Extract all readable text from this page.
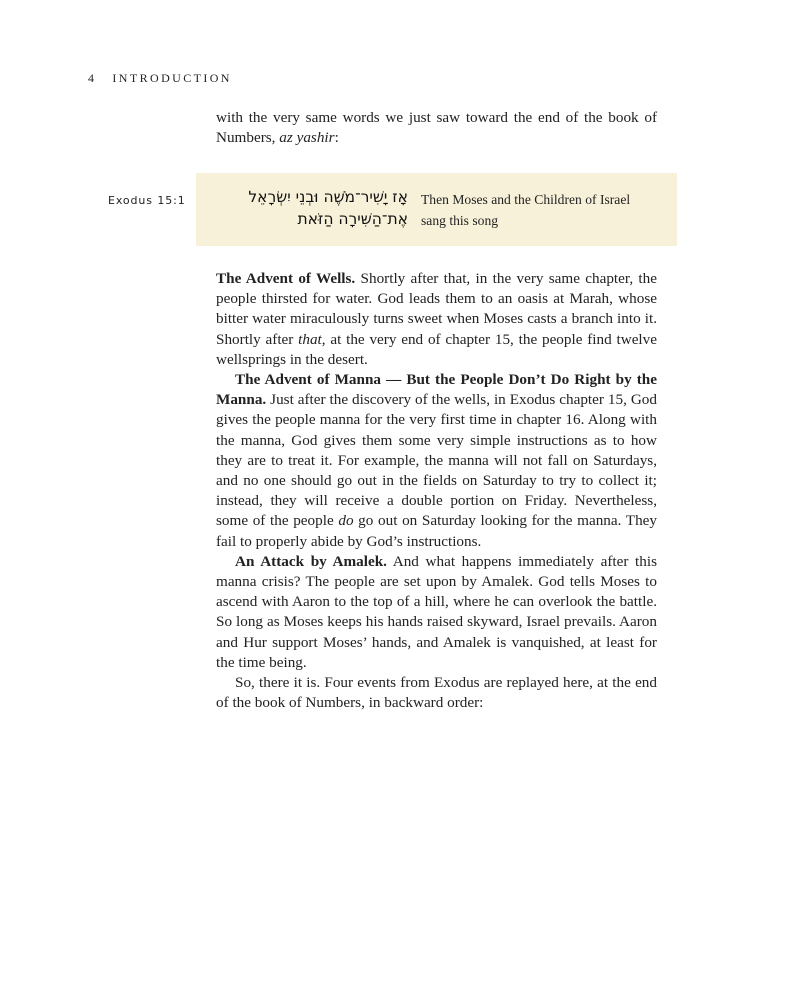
4 INTRODUCTION

with the very same words we just saw toward the end of the book of Numbers, az yashir:

Exodus 15:1	אָז יָשִׁיר־מֹשֶׁה וּבְנֵי יִשְׂרָאֵל
אֶת־הַשִּׁירָה הַזֹּאת
Then Moses and the Children of Israel
sang this song

The Advent of Wells. Shortly after that, in the very same chapter, the people thirsted for water. God leads them to an oasis at Marah, whose bitter water miraculously turns sweet when Moses casts a branch into it. Shortly after that, at the very end of chapter 15, the people find twelve wellsprings in the desert.

The Advent of Manna — But the People Don’t Do Right by the Manna. Just after the discovery of the wells, in Exodus chapter 15, God gives the people manna for the very first time in chapter 16. Along with the manna, God gives them some very simple instructions as to how they are to treat it. For example, the manna will not fall on Saturdays, and no one should go out in the fields on Saturday to try to collect it; instead, they will receive a double portion on Friday. Nevertheless, some of the people do go out on Saturday looking for the manna. They fail to properly abide by God’s instructions.

An Attack by Amalek. And what happens immediately after this manna crisis? The people are set upon by Amalek. God tells Moses to ascend with Aaron to the top of a hill, where he can overlook the battle. So long as Moses keeps his hands raised skyward, Israel prevails. Aaron and Hur support Moses’ hands, and Amalek is vanquished, at least for the time being.

So, there it is. Four events from Exodus are replayed here, at the end of the book of Numbers, in backward order:
